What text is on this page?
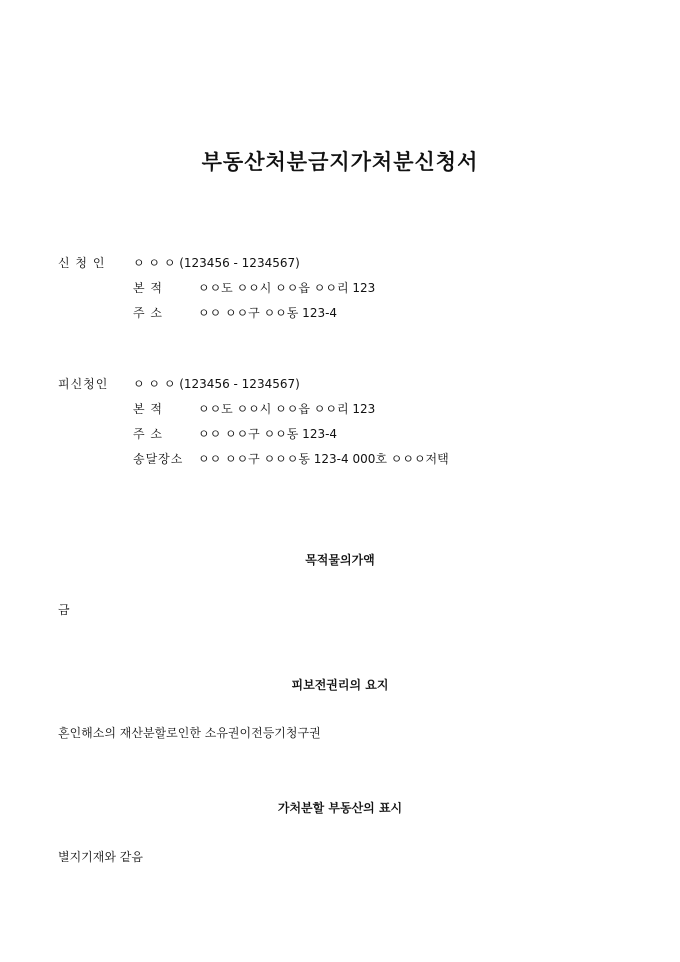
부동산처분금지가처분신청서
신 청 인	ㅇ ㅇ ㅇ (123456 - 1234567)
본 적	ㅇㅇ도 ㅇㅇ시 ㅇㅇ읍 ㅇㅇ리 123
주 소	ㅇㅇ ㅇㅇ구 ㅇㅇ동 123-4
피신청인	ㅇ ㅇ ㅇ (123456 - 1234567)
본 적	ㅇㅇ도 ㅇㅇ시 ㅇㅇ읍 ㅇㅇ리 123
주 소	ㅇㅇ ㅇㅇ구 ㅇㅇ동 123-4
송달장소	ㅇㅇ ㅇㅇ구 ㅇㅇㅇ동 123-4 000호 ㅇㅇㅇ저택
목적물의가액
금
피보전권리의 요지
혼인해소의 재산분할로인한 소유권이전등기청구권
가처분할 부동산의 표시
별지기재와 같음
